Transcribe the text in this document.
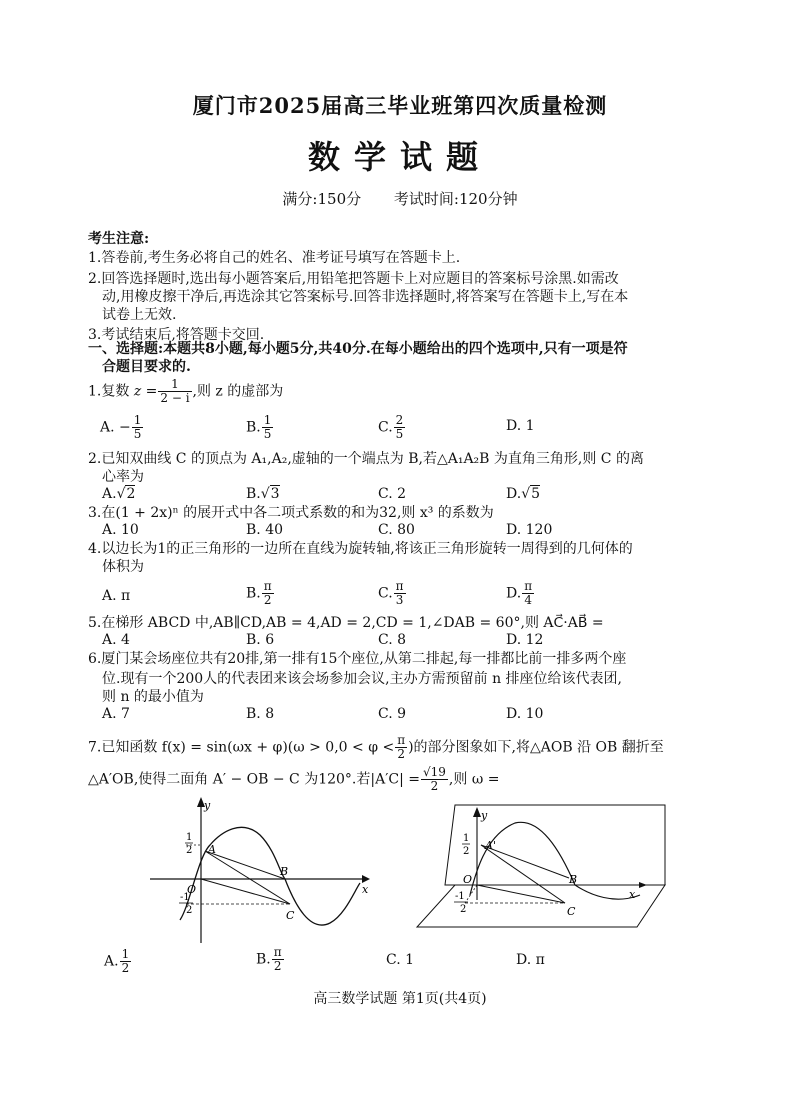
厦门市2025届高三毕业班第四次质量检测
数学试题
满分:150分 考试时间:120分钟
考生注意:
1.答卷前,考生务必将自己的姓名、准考证号填写在答题卡上.
2.回答选择题时,选出每小题答案后,用铅笔把答题卡上对应题目的答案标号涂黑.如需改
动,用橡皮擦干净后,再选涂其它答案标号.回答非选择题时,将答案写在答题卡上,写在本
试卷上无效.
3.考试结束后,将答题卡交回.
一、选择题:本题共8小题,每小题5分,共40分.在每小题给出的四个选项中,只有一项是符
合题目要求的.
1.复数 $z = \frac{1}{2 - i}$ ,则 z 的虚部为
A. − $\frac{1}{5}$	B. $\frac{1}{5}$	C. $\frac{2}{5}$	D. 1
2.已知双曲线 C 的顶点为 A₁,A₂,虚轴的一个端点为 B,若△A₁A₂B 为直角三角形,则 C 的离
心率为
A.√2	B.√3	C. 2	D.√5
3.在(1 + 2x)ⁿ 的展开式中各二项式系数的和为32,则 x³ 的系数为
A. 10	B. 40	C. 80	D. 120
4.以边长为1的正三角形的一边所在直线为旋转轴,将该正三角形旋转一周得到的几何体的
体积为
A. π	B. $\frac{\pi}{2}$	C. $\frac{\pi}{3}$	D. $\frac{\pi}{4}$
5.在梯形 ABCD 中,AB∥CD,AB = 4,AD = 2,CD = 1,∠DAB = 60°,则 AC⃗·AB⃗ =
A. 4	B. 6	C. 8	D. 12
6.厦门某会场座位共有20排,第一排有15个座位,从第二排起,每一排都比前一排多两个座
位.现有一个200人的代表团来该会场参加会议,主办方需预留前 n 排座位给该代表团,
则 n 的最小值为
A. 7	B. 8	C. 9	D. 10
7.已知函数 $f(x) = \sin(\omega x + \varphi)(\omega > 0,0 < \varphi < \frac{\pi}{2}$ )的部分图象如下,将△AOB 沿 OB 翻折至
△A′OB,使得二面角 A′ − OB − C 为120°.若$|A'C| = \frac{√19}{2}$ ,则 ω =
y
x
O
A
B
C
1
2
-1
2
y
x
O
A'
B
C
1
2
-1
2
A. $\frac{1}{2}$	B. $\frac{\pi}{2}$	C. 1	D. π
高三数学试题 第1页(共4页)
